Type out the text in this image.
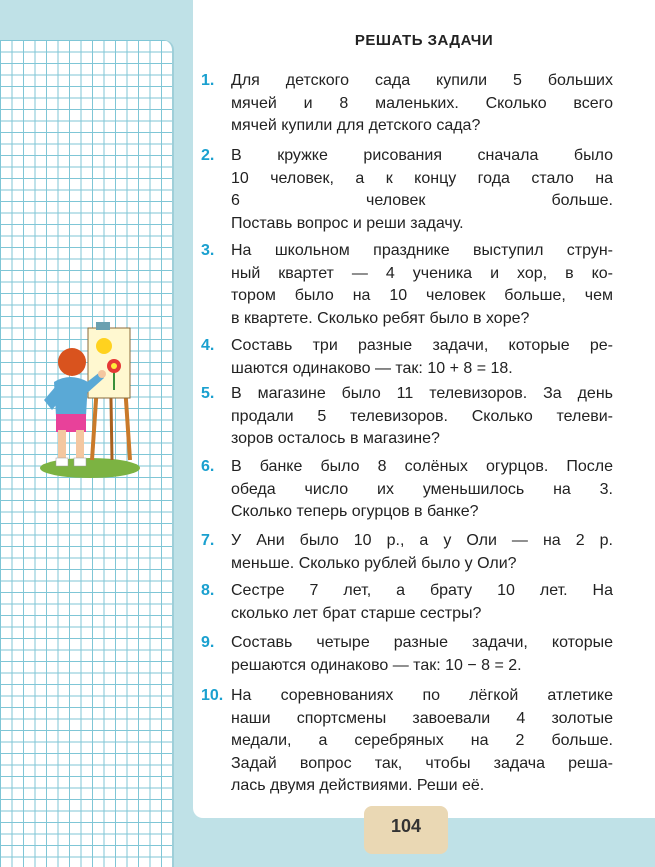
РЕШАТЬ ЗАДАЧИ
1.	Для детского сада купили 5 больших
мячей и 8 маленьких. Сколько всего
мячей купили для детского сада?
2.	В кружке рисования сначала было
10 человек, а к концу года стало на
6 человек больше.
Поставь вопрос и реши задачу.
3.	На школьном празднике выступил струн-
ный квартет — 4 ученика и хор, в ко-
тором было на 10 человек больше, чем
в квартете. Сколько ребят было в хоре?
4.	Составь три разные задачи, которые ре-
шаются одинаково — так: 10 + 8 = 18.
5.	В магазине было 11 телевизоров. За день
продали 5 телевизоров. Сколько телеви-
зоров осталось в магазине?
6.	В банке было 8 солёных огурцов. После
обеда число их уменьшилось на 3.
Сколько теперь огурцов в банке?
7.	У Ани было 10 р., а у Оли — на 2 р.
меньше. Сколько рублей было у Оли?
8.	Сестре 7 лет, а брату 10 лет. На
сколько лет брат старше сестры?
9.	Составь четыре разные задачи, которые
решаются одинаково — так: 10 − 8 = 2.
10. На соревнованиях по лёгкой атлетике
наши спортсмены завоевали 4 золотые
медали, а серебряных на 2 больше.
Задай вопрос так, чтобы задача реша-
лась двумя действиями. Реши её.
104
